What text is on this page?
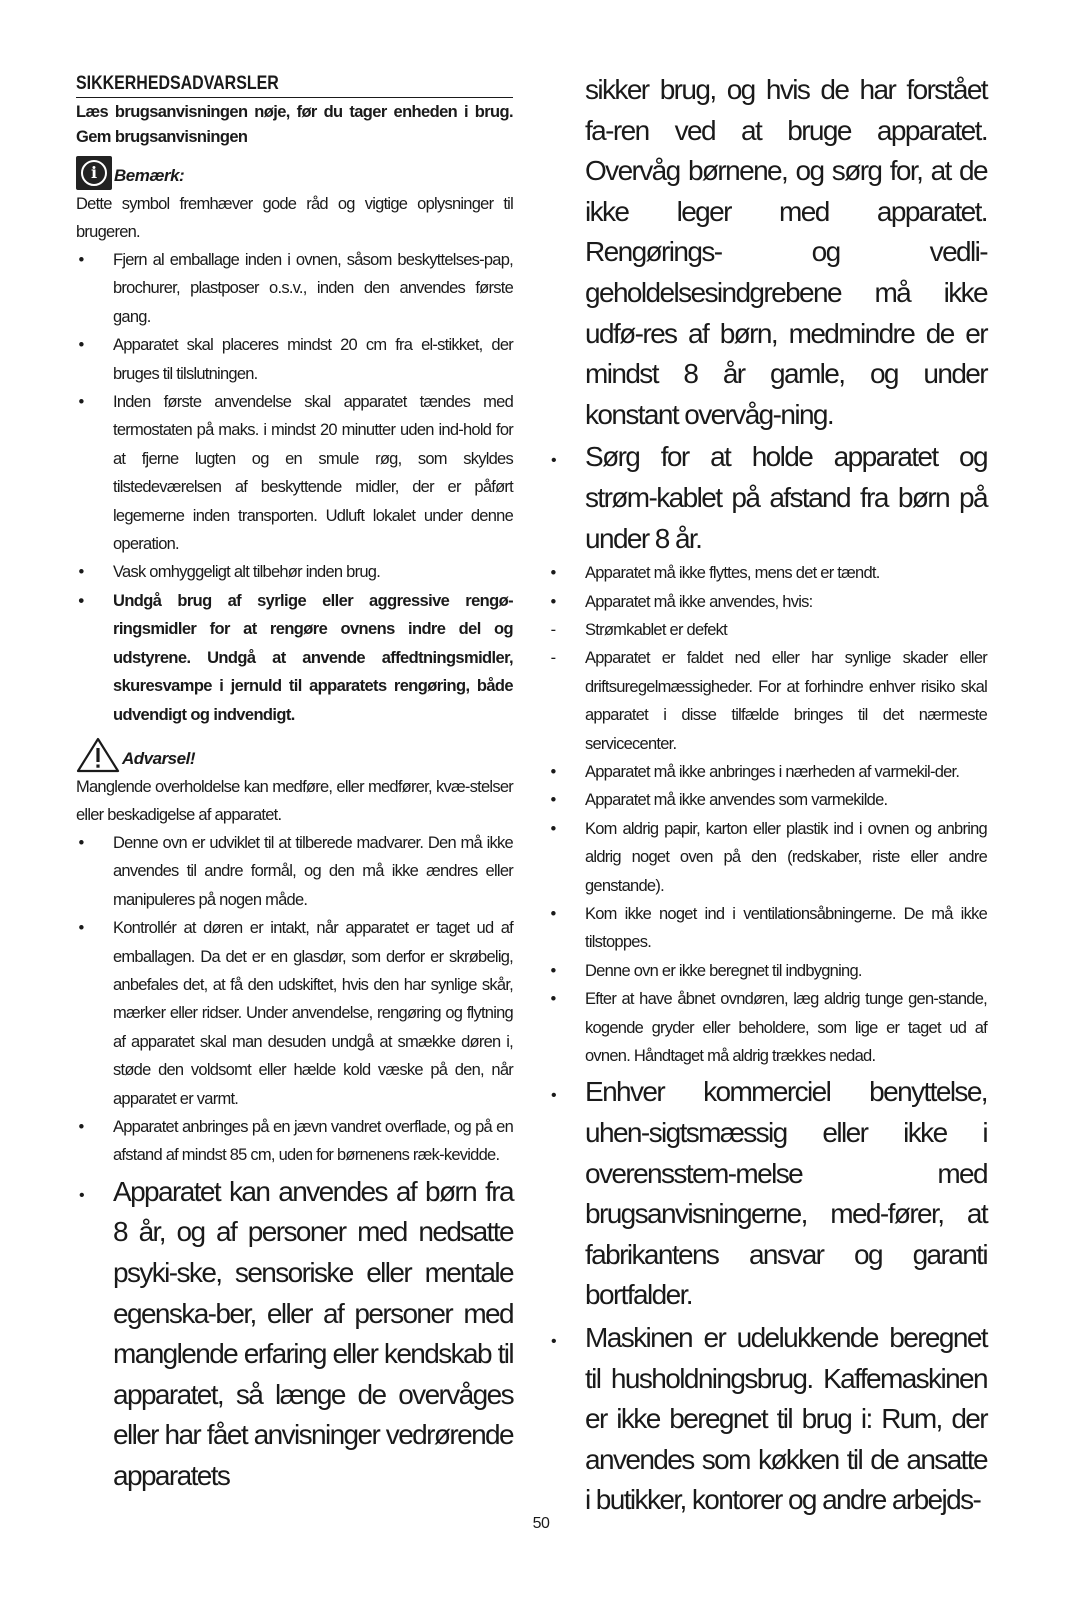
SIKKERHEDSADVARSLER
Læs brugsanvisningen nøje, før du tager enheden i brug. Gem brugsanvisningen
i Bemærk:
Dette symbol fremhæver gode råd og vigtige oplysninger til brugeren.
• Fjern al emballage inden i ovnen, såsom beskyttelses-pap, brochurer, plastposer o.s.v., inden den anvendes første gang.
• Apparatet skal placeres mindst 20 cm fra el-stikket, der bruges til tilslutningen.
• Inden første anvendelse skal apparatet tændes med termostaten på maks. i mindst 20 minutter uden ind-hold for at fjerne lugten og en smule røg, som skyldes tilstedeværelsen af beskyttende midler, der er påført legemerne inden transporten. Udluft lokalet under denne operation.
• Vask omhyggeligt alt tilbehør inden brug.
• Undgå brug af syrlige eller aggressive rengø-ringsmidler for at rengøre ovnens indre del og udstyrene. Undgå at anvende affedtningsmidler, skuresvampe i jernuld til apparatets rengøring, både udvendigt og indvendigt.
Advarsel!
Manglende overholdelse kan medføre, eller medfører, kvæ-stelser eller beskadigelse af apparatet.
• Denne ovn er udviklet til at tilberede madvarer. Den må ikke anvendes til andre formål, og den må ikke ændres eller manipuleres på nogen måde.
• Kontrollér at døren er intakt, når apparatet er taget ud af emballagen. Da det er en glasdør, som derfor er skrøbelig, anbefales det, at få den udskiftet, hvis den har synlige skår, mærker eller ridser. Under anvendelse, rengøring og flytning af apparatet skal man desuden undgå at smække døren i, støde den voldsomt eller hælde kold væske på den, når apparatet er varmt.
• Apparatet anbringes på en jævn vandret overflade, og på en afstand af mindst 85 cm, uden for børnenens ræk-kevidde.
• Apparatet kan anvendes af børn fra 8 år, og af personer med nedsatte psyki-ske, sensoriske eller mentale egenska-ber, eller af personer med manglende erfaring eller kendskab til apparatet, så længe de overvåges eller har fået anvisninger vedrørende apparatets
sikker brug, og hvis de har forstået fa-ren ved at bruge apparatet. Overvåg børnene, og sørg for, at de ikke leger med apparatet. Rengørings- og vedli-geholdelsesindgrebene må ikke udfø-res af børn, medmindre de er mindst 8 år gamle, og under konstant overvåg-ning.
• Sørg for at holde apparatet og strøm-kablet på afstand fra børn på under 8 år.
• Apparatet må ikke flyttes, mens det er tændt.
• Apparatet må ikke anvendes, hvis:
- Strømkablet er defekt
- Apparatet er faldet ned eller har synlige skader eller driftsuregelmæssigheder. For at forhindre enhver risiko skal apparatet i disse tilfælde bringes til det nærmeste servicecenter.
• Apparatet må ikke anbringes i nærheden af varmekil-der.
• Apparatet må ikke anvendes som varmekilde.
• Kom aldrig papir, karton eller plastik ind i ovnen og anbring aldrig noget oven på den (redskaber, riste eller andre genstande).
• Kom ikke noget ind i ventilationsåbningerne. De må ikke tilstoppes.
• Denne ovn er ikke beregnet til indbygning.
• Efter at have åbnet ovndøren, læg aldrig tunge gen-stande, kogende gryder eller beholdere, som lige er taget ud af ovnen. Håndtaget må aldrig trækkes nedad.
• Enhver kommerciel benyttelse, uhen-sigtsmæssig eller ikke i overensstem-melse med brugsanvisningerne, med-fører, at fabrikantens ansvar og garanti bortfalder.
• Maskinen er udelukkende beregnet til husholdningsbrug. Kaffemaskinen er ikke beregnet til brug i: Rum, der anvendes som køkken til de ansatte i butikker, kontorer og andre arbejds-
50
